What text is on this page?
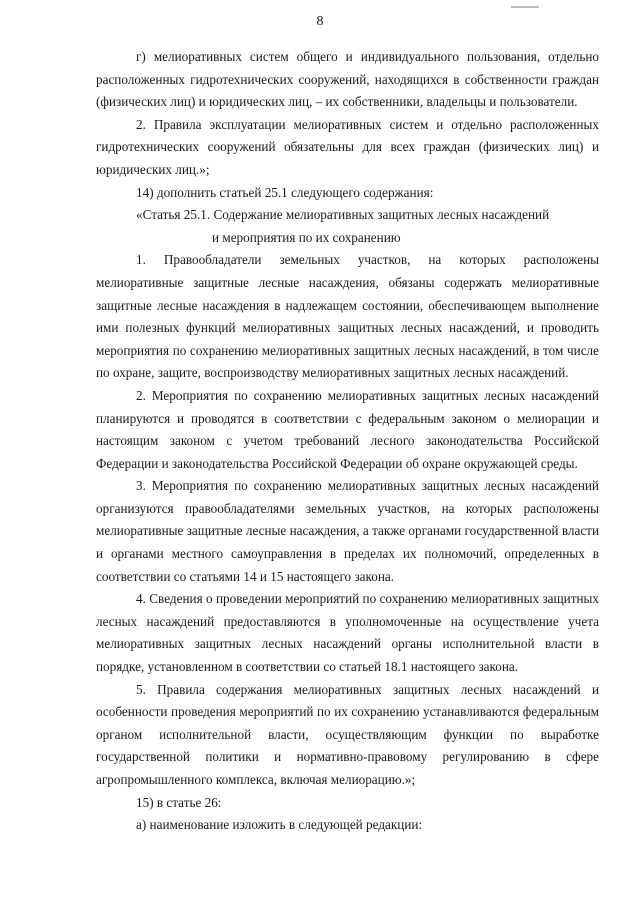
8

г) мелиоративных систем общего и индивидуального пользования, отдельно расположенных гидротехнических сооружений, находящихся в собственности граждан (физических лиц) и юридических лиц, – их собственники, владельцы и пользователи.

2. Правила эксплуатации мелиоративных систем и отдельно расположенных гидротехнических сооружений обязательны для всех граждан (физических лиц) и юридических лиц.»;

14) дополнить статьей 25.1 следующего содержания:

«Статья 25.1. Содержание мелиоративных защитных лесных насаждений

и мероприятия по их сохранению

1. Правообладатели земельных участков, на которых расположены мелиоративные защитные лесные насаждения, обязаны содержать мелиоративные защитные лесные насаждения в надлежащем состоянии, обеспечивающем выполнение ими полезных функций мелиоративных защитных лесных насаждений, и проводить мероприятия по сохранению мелиоративных защитных лесных насаждений, в том числе по охране, защите, воспроизводству мелиоративных защитных лесных насаждений.

2. Мероприятия по сохранению мелиоративных защитных лесных насаждений планируются и проводятся в соответствии с федеральным законом о мелиорации и настоящим законом с учетом требований лесного законодательства Российской Федерации и законодательства Российской Федерации об охране окружающей среды.

3. Мероприятия по сохранению мелиоративных защитных лесных насаждений организуются правообладателями земельных участков, на которых расположены мелиоративные защитные лесные насаждения, а также органами государственной власти и органами местного самоуправления в пределах их полномочий, определенных в соответствии со статьями 14 и 15 настоящего закона.

4. Сведения о проведении мероприятий по сохранению мелиоративных защитных лесных насаждений предоставляются в уполномоченные на осуществление учета мелиоративных защитных лесных насаждений органы исполнительной власти в порядке, установленном в соответствии со статьей 18.1 настоящего закона.

5. Правила содержания мелиоративных защитных лесных насаждений и особенности проведения мероприятий по их сохранению устанавливаются федеральным органом исполнительной власти, осуществляющим функции по выработке государственной политики и нормативно-правовому регулированию в сфере агропромышленного комплекса, включая мелиорацию.»;

15) в статье 26:

а) наименование изложить в следующей редакции:
